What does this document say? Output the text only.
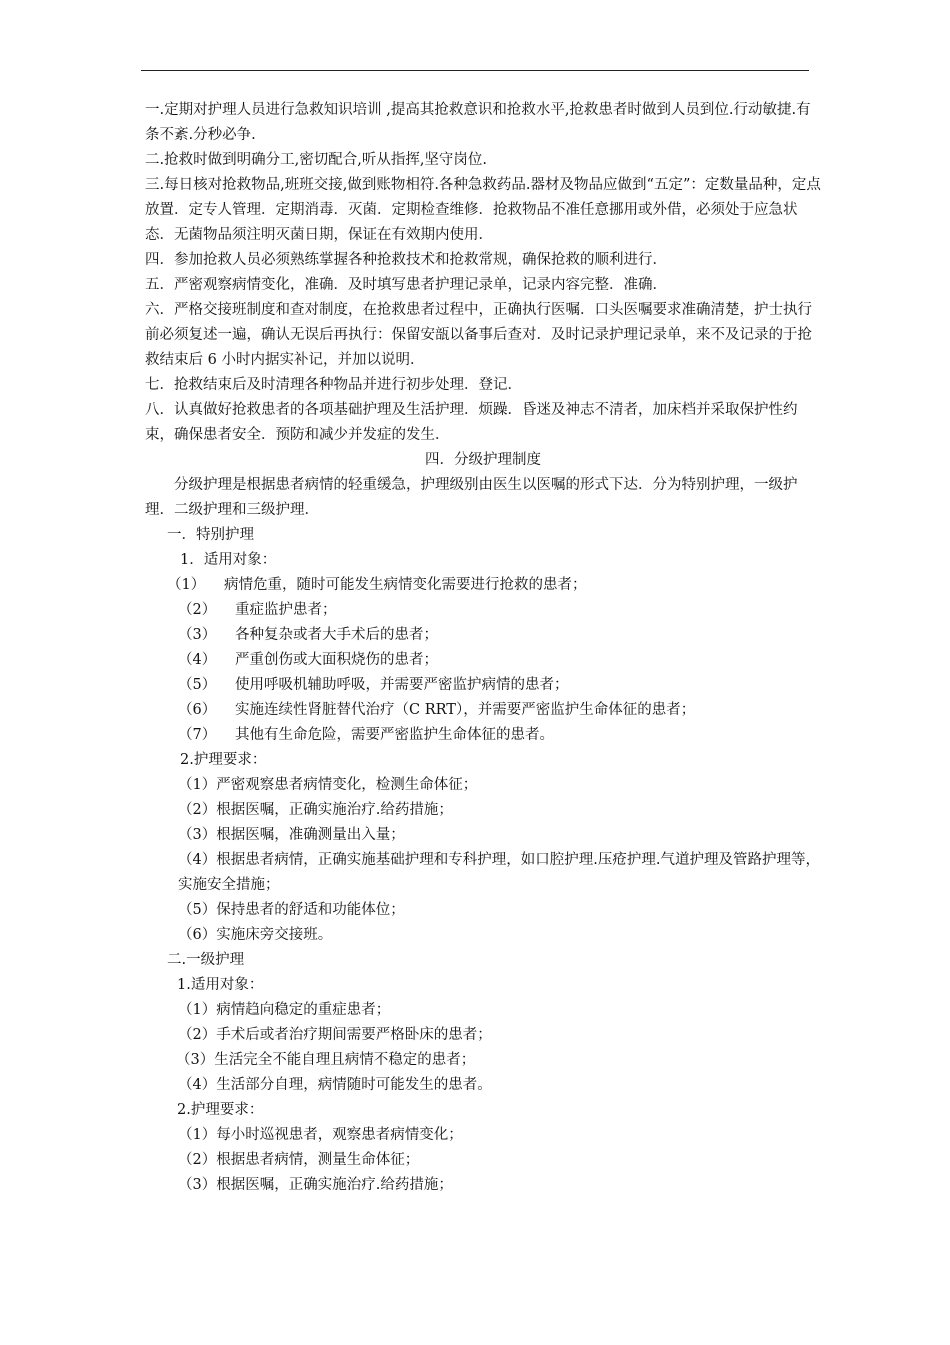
一.定期对护理人员进行急救知识培训 ,提高其抢救意识和抢救水平,抢救患者时做到人员到位.行动敏捷.有条不紊.分秒必争.

二.抢救时做到明确分工,密切配合,听从指挥,坚守岗位.

三.每日核对抢救物品,班班交接,做到账物相符.各种急救药品.器材及物品应做到“五定”：定数量品种，定点放置．定专人管理．定期消毒．灭菌．定期检查维修．抢救物品不准任意挪用或外借，必须处于应急状态．无菌物品须注明灭菌日期，保证在有效期内使用．

四．参加抢救人员必须熟练掌握各种抢救技术和抢救常规，确保抢救的顺利进行．

五．严密观察病情变化，准确．及时填写患者护理记录单，记录内容完整．准确．

六．严格交接班制度和查对制度，在抢救患者过程中，正确执行医嘱．口头医嘱要求准确清楚，护士执行前必须复述一遍，确认无误后再执行：保留安瓿以备事后查对．及时记录护理记录单，来不及记录的于抢救结束后 6 小时内据实补记，并加以说明．

七．抢救结束后及时清理各种物品并进行初步处理．登记．

八．认真做好抢救患者的各项基础护理及生活护理．烦躁．昏迷及神志不清者，加床档并采取保护性约束，确保患者安全．预防和减少并发症的发生．

四．分级护理制度

分级护理是根据患者病情的轻重缓急，护理级别由医生以医嘱的形式下达．分为特别护理，一级护理．二级护理和三级护理．

一．特别护理

1．适用对象：

（1）	病情危重，随时可能发生病情变化需要进行抢救的患者；
（2）	重症监护患者；
（3）	各种复杂或者大手术后的患者；
（4）	严重创伤或大面积烧伤的患者；
（5）	使用呼吸机辅助呼吸，并需要严密监护病情的患者；
（6）	实施连续性肾脏替代治疗（C RRT），并需要严密监护生命体征的患者；
（7）	其他有生命危险，需要严密监护生命体征的患者。

2.护理要求：

（1）严密观察患者病情变化，检测生命体征；

（2）根据医嘱，正确实施治疗.给药措施；

（3）根据医嘱，准确测量出入量；

（4）根据患者病情，正确实施基础护理和专科护理，如口腔护理.压疮护理.气道护理及管路护理等，实施安全措施；

（5）保持患者的舒适和功能体位；

（6）实施床旁交接班。

二.一级护理

1.适用对象：

（1）病情趋向稳定的重症患者；

（2）手术后或者治疗期间需要严格卧床的患者；

（3）生活完全不能自理且病情不稳定的患者；

（4）生活部分自理，病情随时可能发生的患者。

2.护理要求：

（1）每小时巡视患者，观察患者病情变化；

（2）根据患者病情，测量生命体征；

（3）根据医嘱，正确实施治疗.给药措施；
